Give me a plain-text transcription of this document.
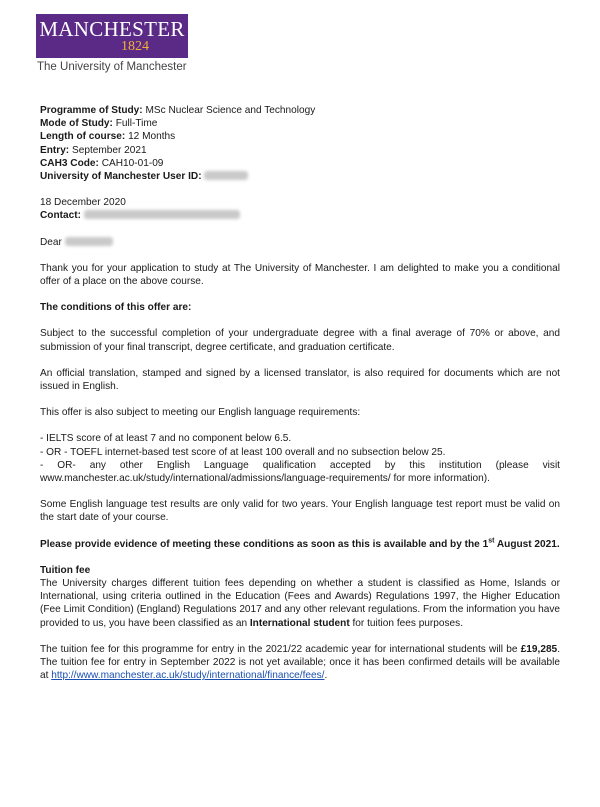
MANCHESTER
1824
The University of Manchester

Programme of Study: MSc Nuclear Science and Technology
Mode of Study: Full-Time
Length of course: 12 Months
Entry: September 2021
CAH3 Code: CAH10-01-09
University of Manchester User ID:

18 December 2020
Contact:

Dear

Thank you for your application to study at The University of Manchester. I am delighted to make you a conditional offer of a place on the above course.

The conditions of this offer are:

Subject to the successful completion of your undergraduate degree with a final average of 70% or above, and submission of your final transcript, degree certificate, and graduation certificate.

An official translation, stamped and signed by a licensed translator, is also required for documents which are not issued in English.

This offer is also subject to meeting our English language requirements:

- IELTS score of at least 7 and no component below 6.5.
- OR - TOEFL internet-based test score of at least 100 overall and no subsection below 25.
- OR- any other English Language qualification accepted by this institution (please visit www.manchester.ac.uk/study/international/admissions/language-requirements/ for more information).

Some English language test results are only valid for two years. Your English language test report must be valid on the start date of your course.

Please provide evidence of meeting these conditions as soon as this is available and by the 1st August 2021.

Tuition fee
The University charges different tuition fees depending on whether a student is classified as Home, Islands or International, using criteria outlined in the Education (Fees and Awards) Regulations 1997, the Higher Education (Fee Limit Condition) (England) Regulations 2017 and any other relevant regulations. From the information you have provided to us, you have been classified as an International student for tuition fees purposes.

The tuition fee for this programme for entry in the 2021/22 academic year for international students will be £19,285. The tuition fee for entry in September 2022 is not yet available; once it has been confirmed details will be available at http://www.manchester.ac.uk/study/international/finance/fees/.
